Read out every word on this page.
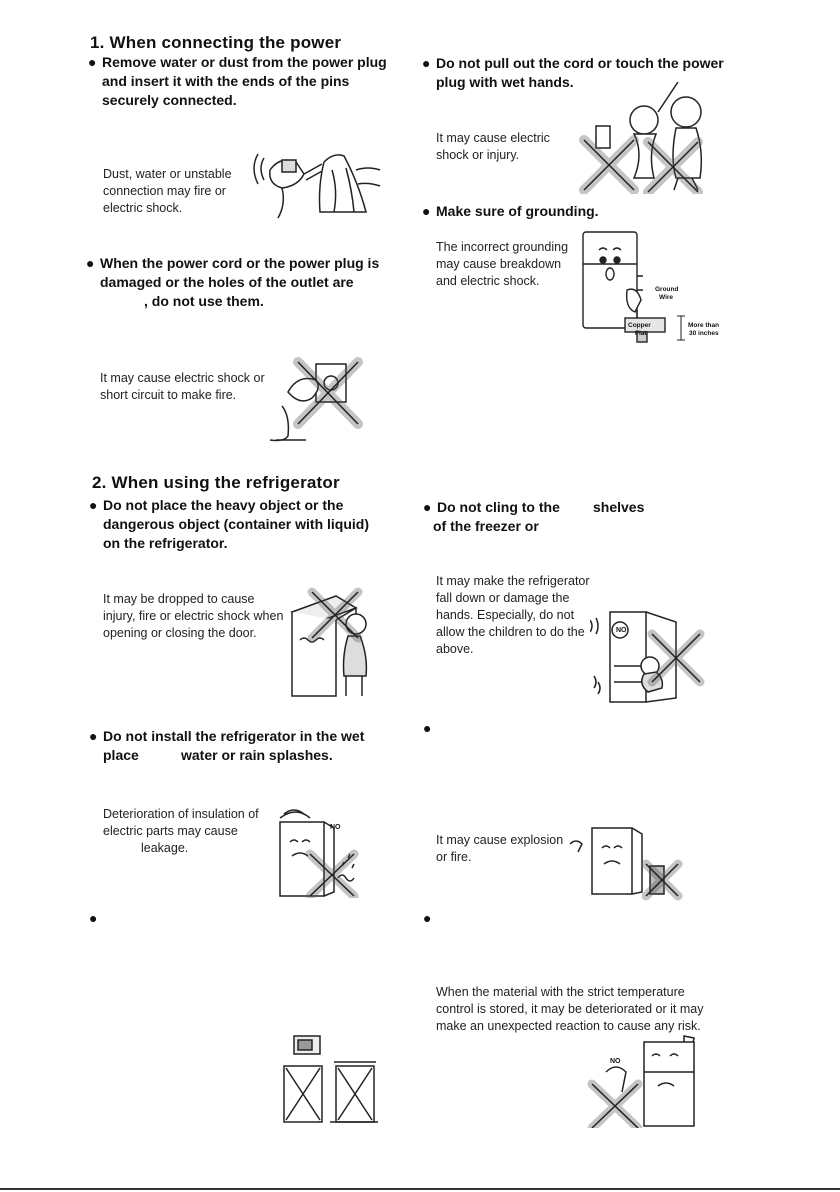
1. When connecting the power
● Remove water or dust from the power plug
and insert it with the ends of the pins
securely connected.
Dust, water or unstable
connection may fire or
electric shock.
● When the power cord or the power plug is
damaged or the holes of the outlet are
, do not use them.
It may cause electric shock or
short circuit to make fire.
● Do not pull out the cord or touch the power
plug with wet hands.
It may cause electric
shock or injury.
● Make sure of grounding.
The incorrect grounding
may cause breakdown
and electric shock.
Ground
Wire
Copper
Flat
More than
30 inches
2. When using the refrigerator
● Do not place the heavy object or the
dangerous object (container with liquid)
on the refrigerator.
It may be dropped to cause
injury, fire or electric shock when
opening or closing the door.
● Do not cling to the shelves
of the freezer or
It may make the refrigerator
fall down or damage the
hands. Especially, do not
allow the children to do the
above.
NO
● Do not install the refrigerator in the wet
place	water or rain splashes.
Deterioration of insulation of
electric parts may cause
leakage.
NO
●
It may cause explosion
or fire.
●	●
When the material with the strict temperature
control is stored, it may be deteriorated or it may
make an unexpected reaction to cause any risk.
NO
